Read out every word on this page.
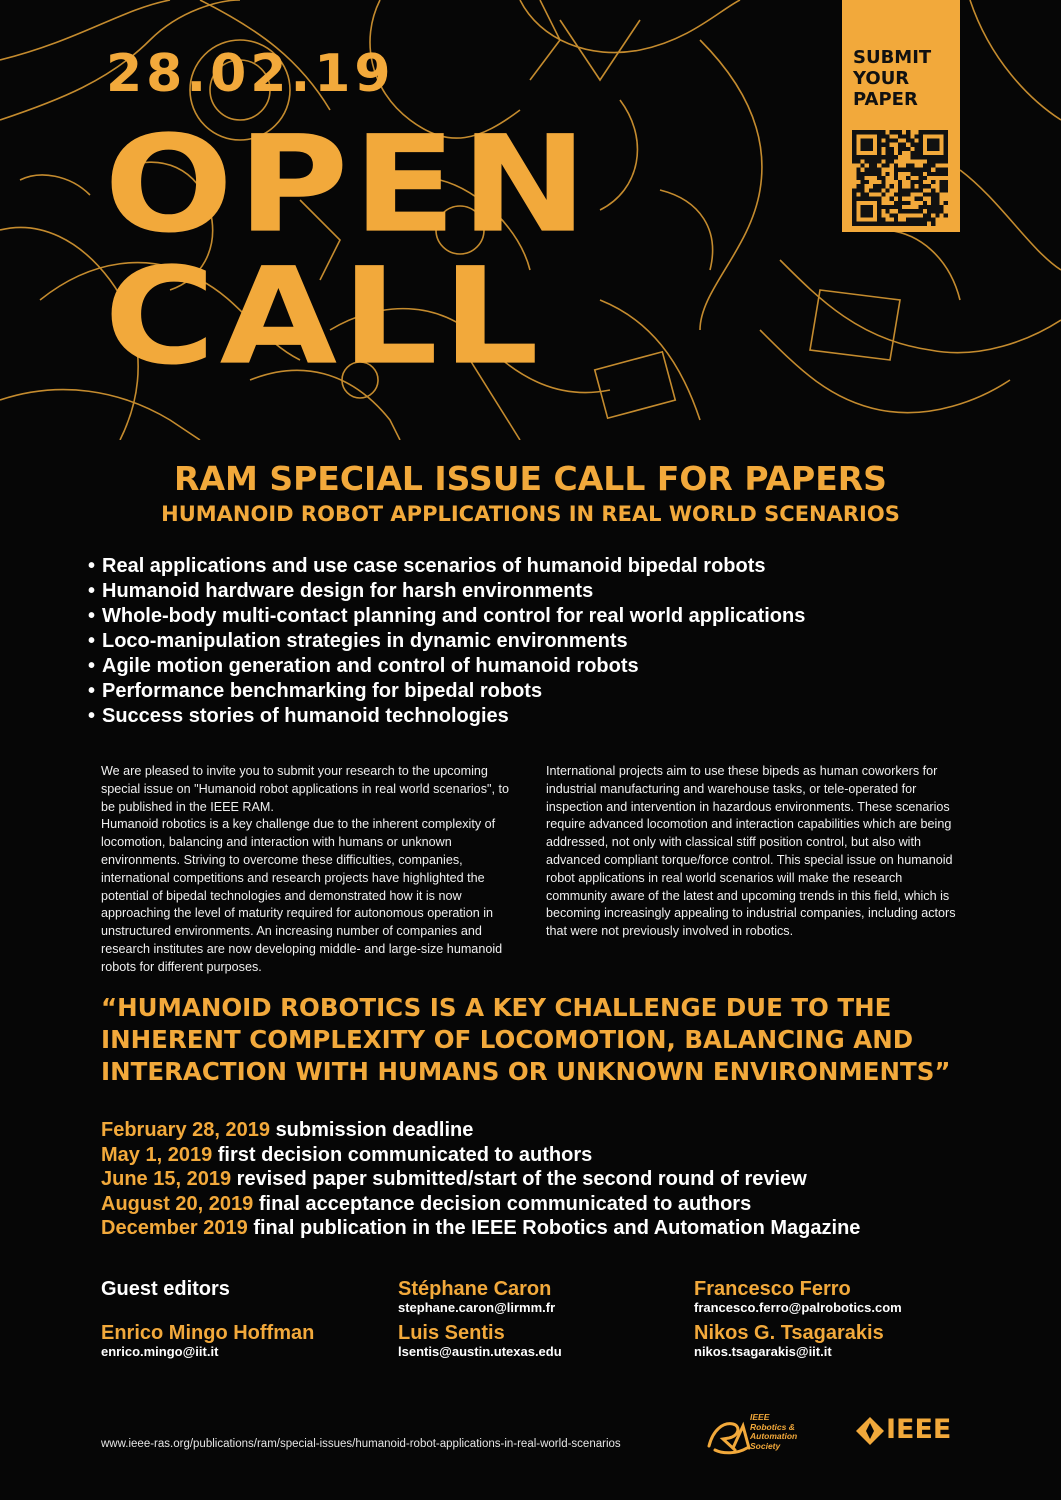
28.02.19
OPEN
CALL
SUBMIT
YOUR
PAPER
RAM SPECIAL ISSUE CALL FOR PAPERS
HUMANOID ROBOT APPLICATIONS IN REAL WORLD SCENARIOS
• Real applications and use case scenarios of humanoid bipedal robots
• Humanoid hardware design for harsh environments
• Whole-body multi-contact planning and control for real world applications
• Loco-manipulation strategies in dynamic environments
• Agile motion generation and control of humanoid robots
• Performance benchmarking for bipedal robots
• Success stories of humanoid technologies
We are pleased to invite you to submit your research to the upcoming special issue on "Humanoid robot applications in real world scenarios", to be published in the IEEE RAM.
Humanoid robotics is a key challenge due to the inherent complexity of locomotion, balancing and interaction with humans or unknown environments. Striving to overcome these difficulties, companies, international competitions and research projects have highlighted the potential of bipedal technologies and demonstrated how it is now approaching the level of maturity required for autonomous operation in unstructured environments. An increasing number of companies and research institutes are now developing middle- and large-size humanoid robots for different purposes.
International projects aim to use these bipeds as human coworkers for industrial manufacturing and warehouse tasks, or tele-operated for inspection and intervention in hazardous environments. These scenarios require advanced locomotion and interaction capabilities which are being addressed, not only with classical stiff position control, but also with advanced compliant torque/force control. This special issue on humanoid robot applications in real world scenarios will make the research community aware of the latest and upcoming trends in this field, which is becoming increasingly appealing to industrial companies, including actors that were not previously involved in robotics.
“HUMANOID ROBOTICS IS A KEY CHALLENGE DUE TO THE INHERENT COMPLEXITY OF LOCOMOTION, BALANCING AND INTERACTION WITH HUMANS OR UNKNOWN ENVIRONMENTS”
February 28, 2019 submission deadline
May 1, 2019 first decision communicated to authors
June 15, 2019 revised paper submitted/start of the second round of review
August 20, 2019 final acceptance decision communicated to authors
December 2019 final publication in the IEEE Robotics and Automation Magazine
Guest editors	Stéphane Caron
stephane.caron@lirmm.fr
Francesco Ferro
francesco.ferro@palrobotics.com
Enrico Mingo Hoffman
enrico.mingo@iit.it
Luis Sentis
lsentis@austin.utexas.edu
Nikos G. Tsagarakis
nikos.tsagarakis@iit.it
www.ieee-ras.org/publications/ram/special-issues/humanoid-robot-applications-in-real-world-scenarios
IEEE
Robotics &
Automation
Society
IEEE
